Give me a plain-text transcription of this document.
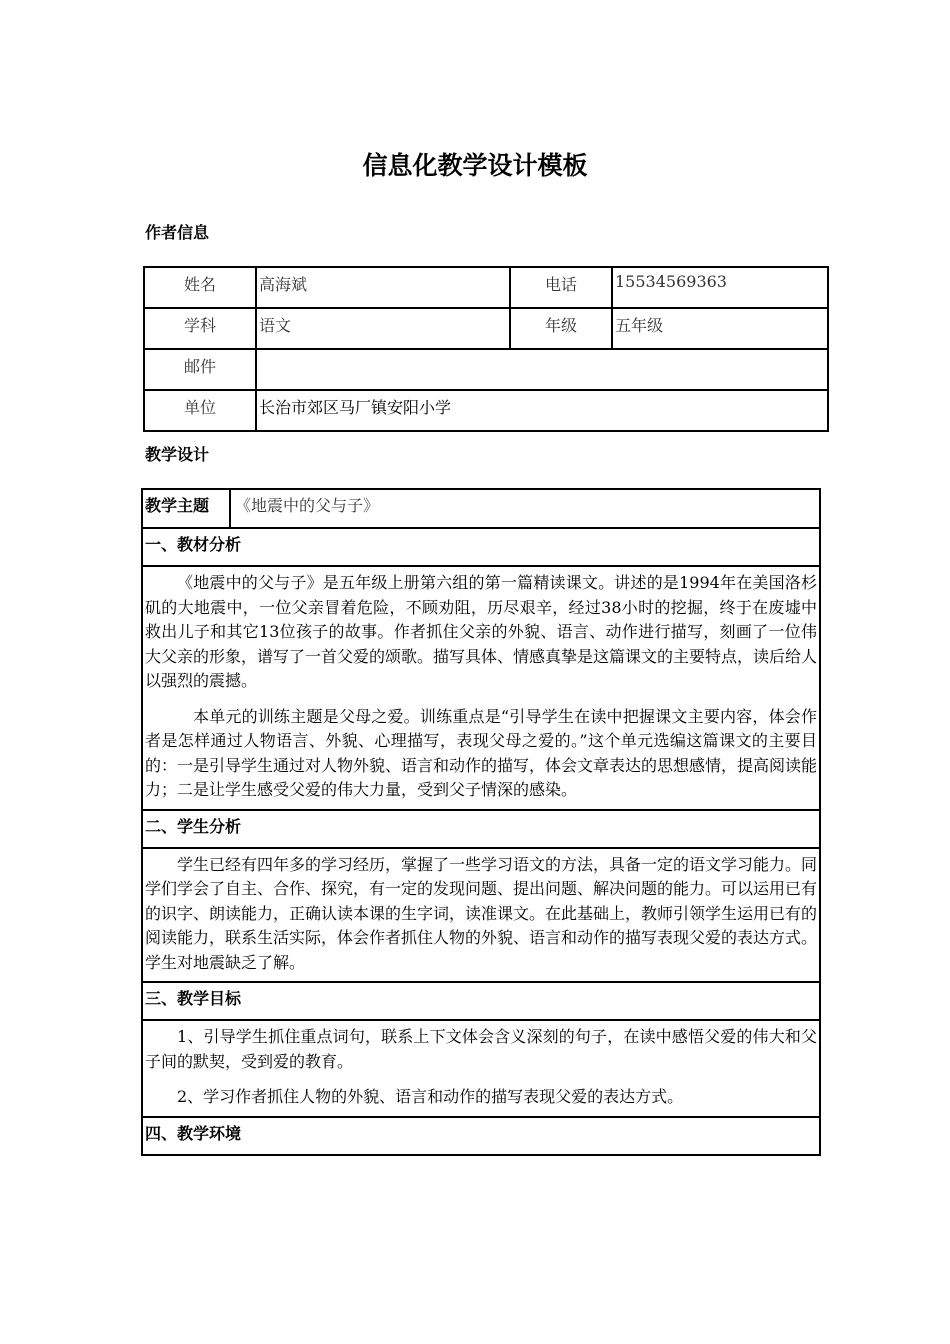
信息化教学设计模板
作者信息
姓名	高海斌	电话	15534569363
学科	语文	年级	五年级
邮件			
单位	长治市郊区马厂镇安阳小学		
教学设计
教学主题	《地震中的父与子》
一、教材分析

《地震中的父与子》是五年级上册第六组的第一篇精读课文。讲述的是1994年在美国洛杉矶的大地震中，一位父亲冒着危险，不顾劝阻，历尽艰辛，经过38小时的挖掘，终于在废墟中救出儿子和其它13位孩子的故事。作者抓住父亲的外貌、语言、动作进行描写，刻画了一位伟大父亲的形象，谱写了一首父爱的颂歌。描写具体、情感真挚是这篇课文的主要特点，读后给人以强烈的震撼。

本单元的训练主题是父母之爱。训练重点是“引导学生在读中把握课文主要内容，体会作者是怎样通过人物语言、外貌、心理描写，表现父母之爱的。”这个单元选编这篇课文的主要目的：一是引导学生通过对人物外貌、语言和动作的描写，体会文章表达的思想感情，提高阅读能力；二是让学生感受父爱的伟大力量，受到父子情深的感染。

二、学生分析

学生已经有四年多的学习经历，掌握了一些学习语文的方法，具备一定的语文学习能力。同学们学会了自主、合作、探究，有一定的发现问题、提出问题、解决问题的能力。可以运用已有的识字、朗读能力，正确认读本课的生字词，读准课文。在此基础上，教师引领学生运用已有的阅读能力，联系生活实际，体会作者抓住人物的外貌、语言和动作的描写表现父爱的表达方式。学生对地震缺乏了解。

三、教学目标

1、引导学生抓住重点词句，联系上下文体会含义深刻的句子，在读中感悟父爱的伟大和父子间的默契，受到爱的教育。

2、学习作者抓住人物的外貌、语言和动作的描写表现父爱的表达方式。

四、教学环境
